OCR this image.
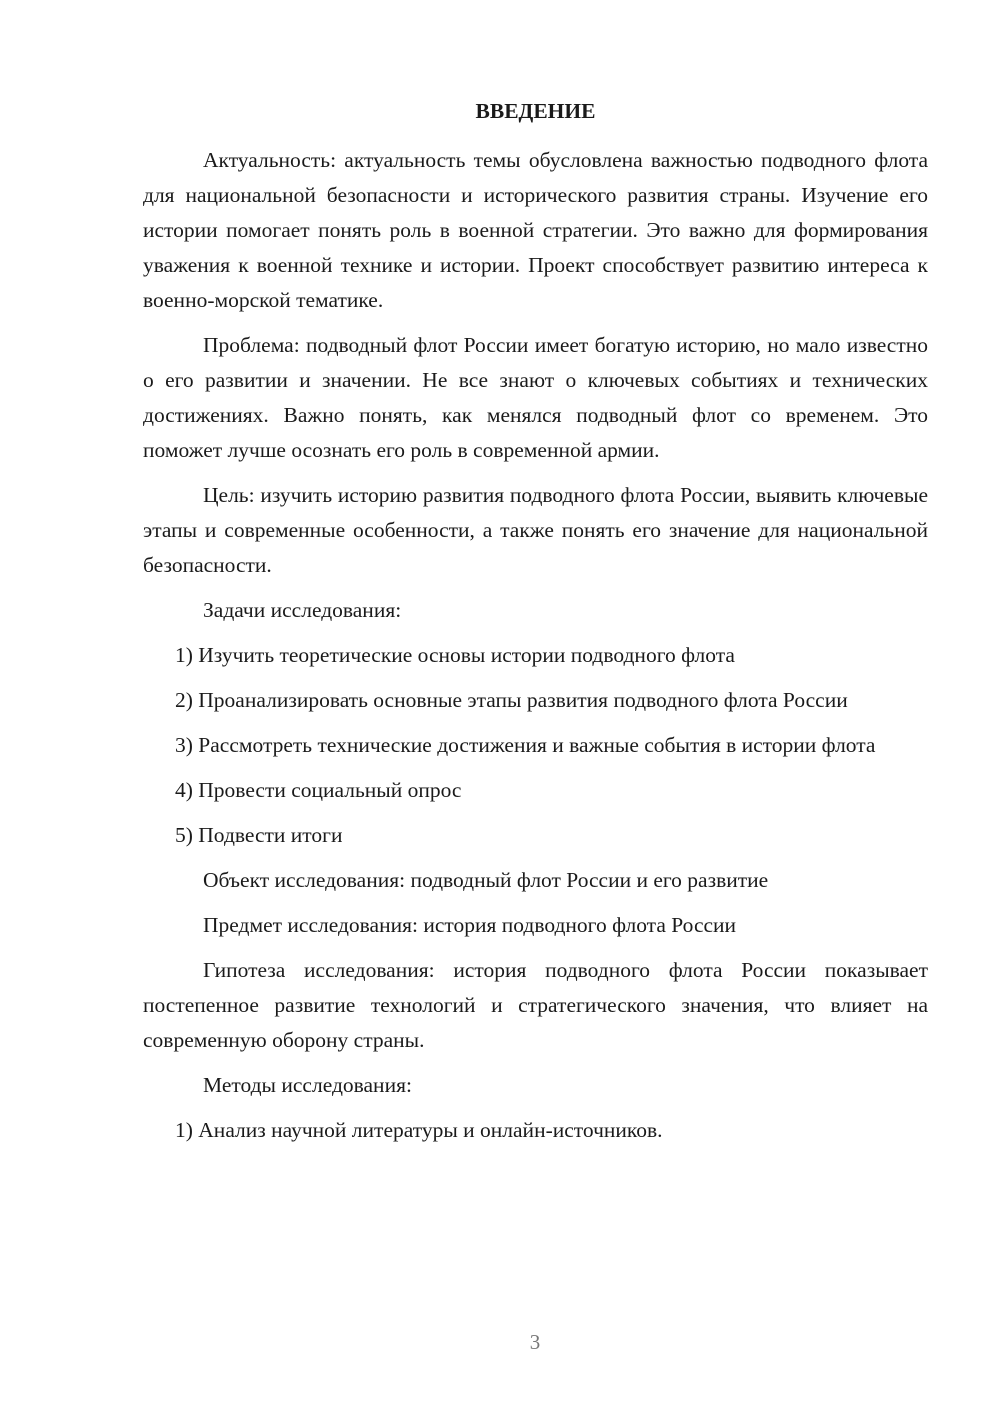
ВВЕДЕНИЕ

Актуальность: актуальность темы обусловлена важностью подводного флота для национальной безопасности и исторического развития страны. Изучение его истории помогает понять роль в военной стратегии. Это важно для формирования уважения к военной технике и истории. Проект способствует развитию интереса к военно-морской тематике.

Проблема: подводный флот России имеет богатую историю, но мало известно о его развитии и значении. Не все знают о ключевых событиях и технических достижениях. Важно понять, как менялся подводный флот со временем. Это поможет лучше осознать его роль в современной армии.

Цель: изучить историю развития подводного флота России, выявить ключевые этапы и современные особенности, а также понять его значение для национальной безопасности.

Задачи исследования:

1) Изучить теоретические основы истории подводного флота

2) Проанализировать основные этапы развития подводного флота России

3) Рассмотреть технические достижения и важные события в истории флота

4) Провести социальный опрос

5) Подвести итоги

Объект исследования: подводный флот России и его развитие

Предмет исследования: история подводного флота России

Гипотеза исследования: история подводного флота России показывает постепенное развитие технологий и стратегического значения, что влияет на современную оборону страны.

Методы исследования:

1) Анализ научной литературы и онлайн-источников.

3
